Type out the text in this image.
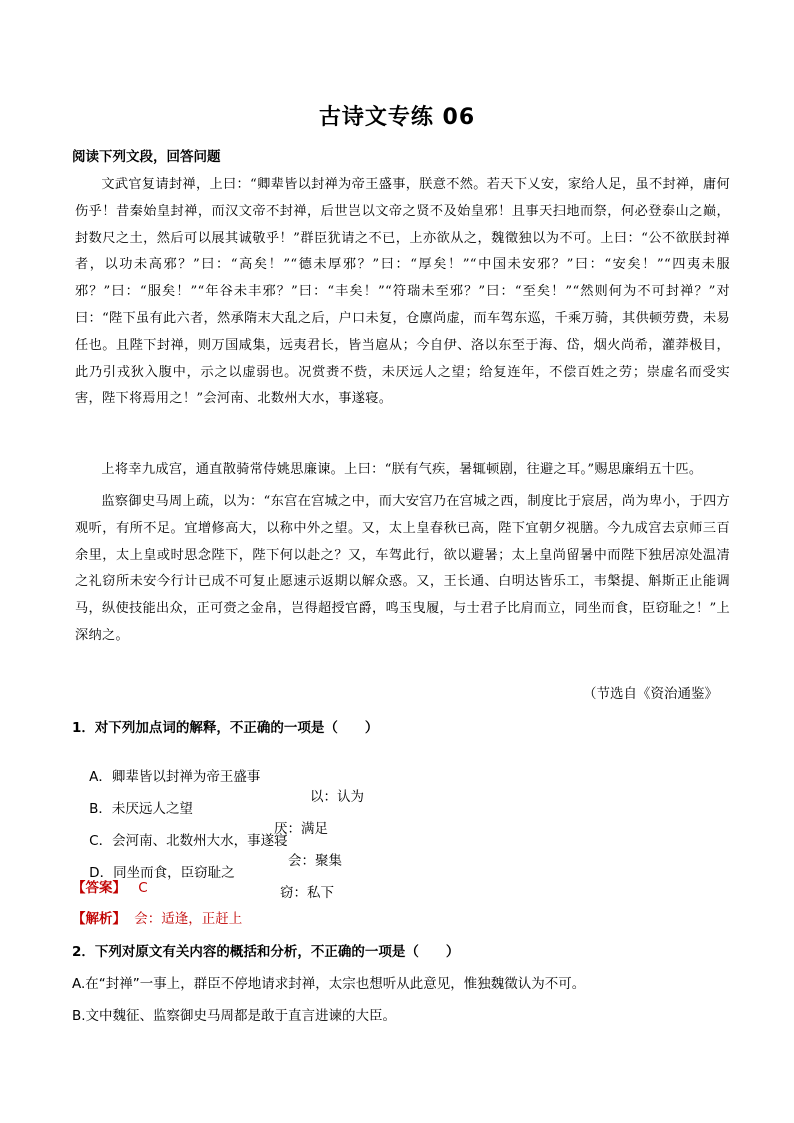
古诗文专练 06
阅读下列文段，回答问题

文武官复请封禅，上曰：“卿辈皆以封禅为帝王盛事，朕意不然。若天下乂安，家给人足，虽不封禅，庸何伤乎！昔秦始皇封禅，而汉文帝不封禅，后世岂以文帝之贤不及始皇邪！且事天扫地而祭，何必登泰山之巅，封数尺之土，然后可以展其诚敬乎！”群臣犹请之不已，上亦欲从之，魏徵独以为不可。上曰：“公不欲朕封禅者，以功未高邪？”曰：“高矣！”“德未厚邪？”曰：“厚矣！”“中国未安邪？”曰：“安矣！”“四夷未服邪？”曰：“服矣！”“年谷未丰邪？”曰：“丰矣！”“符瑞未至邪？”曰：“至矣！”“然则何为不可封禅？”对曰：“陛下虽有此六者，然承隋末大乱之后，户口未复，仓廪尚虚，而车驾东巡，千乘万骑，其供顿劳费，未易任也。且陛下封禅，则万国咸集，远夷君长，皆当扈从；今自伊、洛以东至于海、岱，烟火尚希，灌莽极目，此乃引戎狄入腹中，示之以虚弱也。况赏赉不赀，未厌远人之望；给复连年，不偿百姓之劳；崇虚名而受实害，陛下将焉用之！”会河南、北数州大水，事遂寝。

上将幸九成宫，通直散骑常侍姚思廉谏。上曰：“朕有气疾，暑辄顿剧，往避之耳。”赐思廉绢五十匹。

监察御史马周上疏，以为：“东宫在宫城之中，而大安宫乃在宫城之西，制度比于宸居，尚为卑小，于四方观听，有所不足。宜增修高大，以称中外之望。又，太上皇春秋已高，陛下宜朝夕视膳。今九成宫去京师三百余里，太上皇或时思念陛下，陛下何以赴之？又，车驾此行，欲以避暑；太上皇尚留暑中而陛下独居凉处温凊之礼窃所未安今行计已成不可复止愿速示返期以解众惑。又，王长通、白明达皆乐工，韦槃提、斛斯正止能调马，纵使技能出众，正可赍之金帛，岂得超授官爵，鸣玉曳履，与士君子比肩而立，同坐而食，臣窃耻之！”上深纳之。

（节选自《资治通鉴》
1．对下列加点词的解释，不正确的一项是（　　）

A．卿辈皆以封禅为帝王盛事

以：认为

B．未厌远人之望

厌：满足

C．会河南、北数州大水，事遂寝

会：聚集

D．同坐而食，臣窃耻之

窃：私下

【答案】 C
【解析】 会：适逢，正赶上
2．下列对原文有关内容的概括和分析，不正确的一项是（　　）
A.在“封禅”一事上，群臣不停地请求封禅，太宗也想听从此意见，惟独魏徵认为不可。
B.文中魏征、监察御史马周都是敢于直言进谏的大臣。
